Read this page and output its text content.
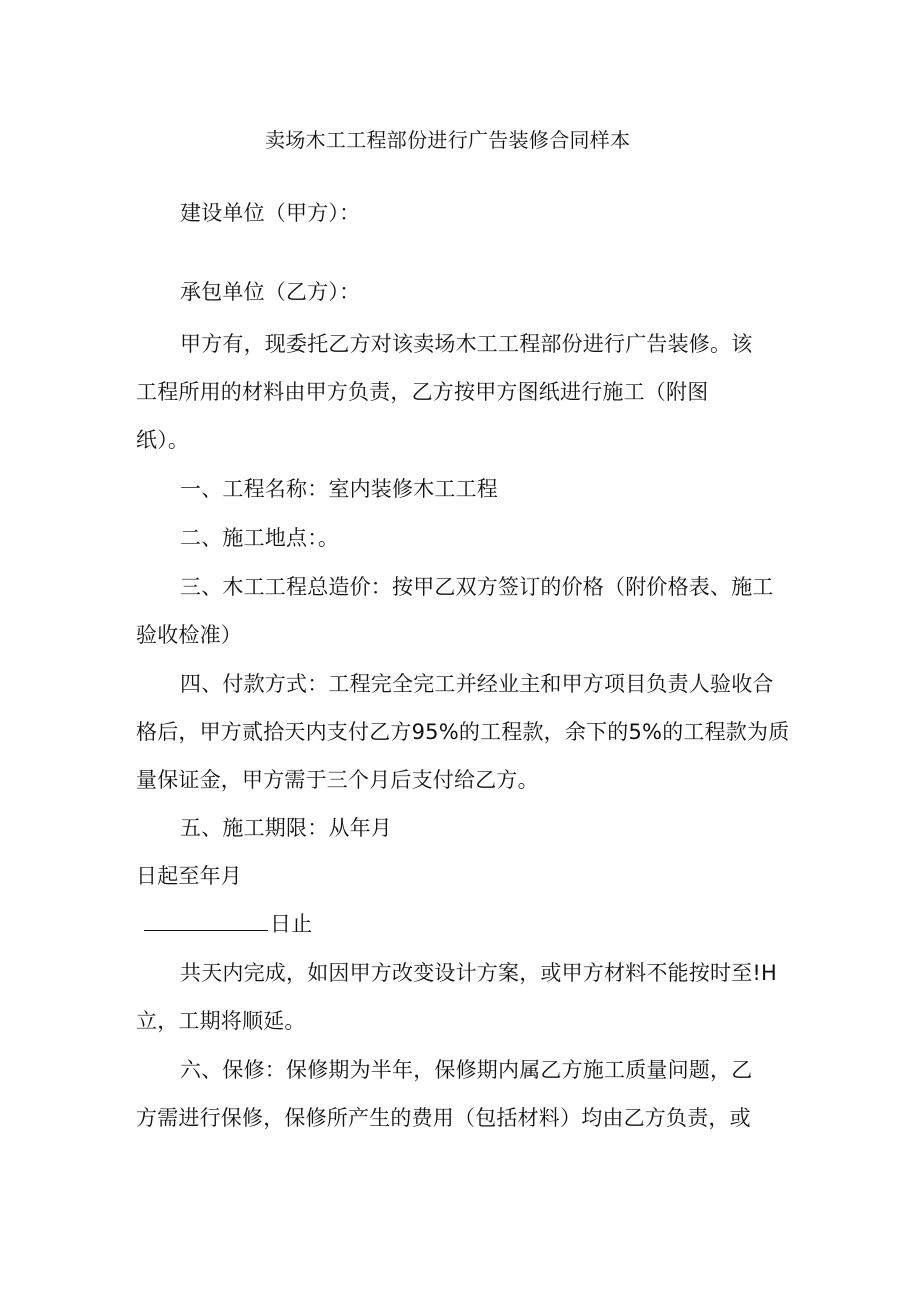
卖场木工工程部份进行广告装修合同样本
建设单位（甲方）：
承包单位（乙方）：
甲方有，现委托乙方对该卖场木工工程部份进行广告装修。该
工程所用的材料由甲方负责，乙方按甲方图纸进行施工（附图
纸）。
一、工程名称：室内装修木工工程
二、施工地点：。
三、木工工程总造价：按甲乙双方签订的价格（附价格表、施工
验收检准）
四、付款方式：工程完全完工并经业主和甲方项目负责人验收合
格后，甲方贰拾天内支付乙方95%的工程款，余下的5%的工程款为质
量保证金，甲方需于三个月后支付给乙方。
五、施工期限：从年月
日起至年月
日止
共天内完成，如因甲方改变设计方案，或甲方材料不能按时至!H
立，工期将顺延。
六、保修：保修期为半年，保修期内属乙方施工质量问题，乙
方需进行保修，保修所产生的费用（包括材料）均由乙方负责，或
